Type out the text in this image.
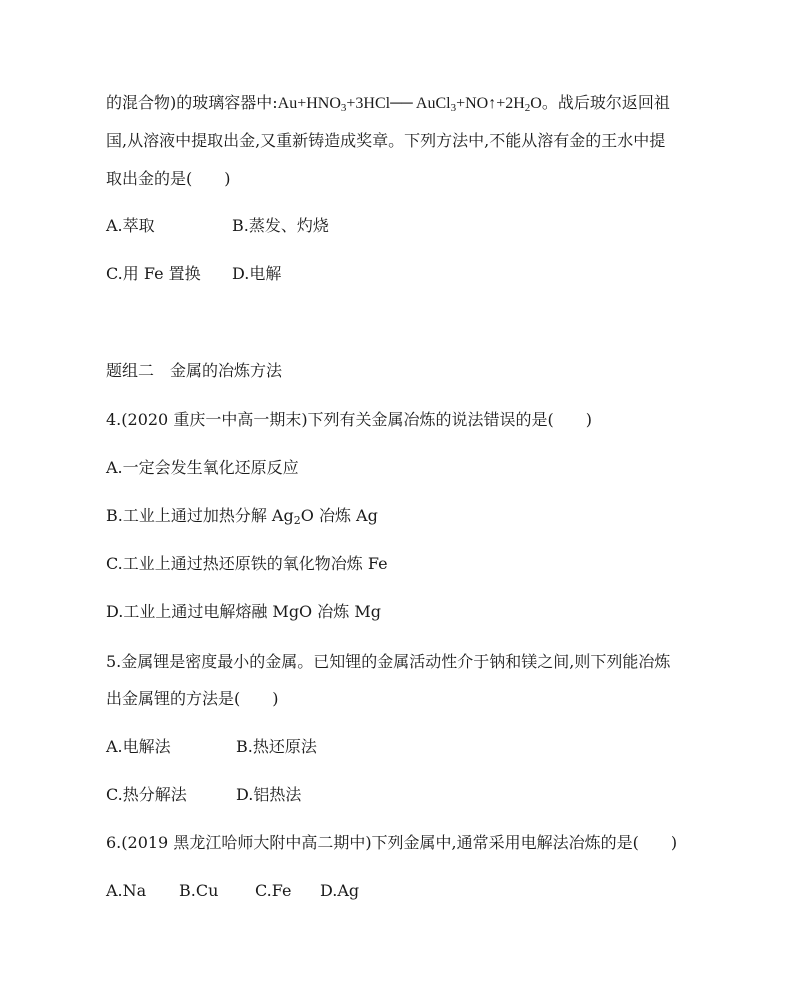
的混合物)的玻璃容器中$:Au+HNO_3+3HCl──$ $AuCl_3+NO↑+2H_2O$。战后玻尔返回祖
国,从溶液中提取出金,又重新铸造成奖章。下列方法中,不能从溶有金的王水中提
取出金的是(　　)
A.萃取	B.蒸发、灼烧
C.用 Fe 置换 D.电解
题组二　金属的冶炼方法
4.(2020 重庆一中高一期末)下列有关金属冶炼的说法错误的是(　　)
A.一定会发生氧化还原反应
B.工业上通过加热分解 $Ag_2O$ 冶炼 Ag
C.工业上通过热还原铁的氧化物冶炼 Fe
D.工业上通过电解熔融 MgO 冶炼 Mg
5.金属锂是密度最小的金属。已知锂的金属活动性介于钠和镁之间,则下列能冶炼
出金属锂的方法是(　　)
A.电解法	B.热还原法
C.热分解法	D.铝热法
6.(2019 黑龙江哈师大附中高二期中)下列金属中,通常采用电解法冶炼的是(　　)
A.Na B.Cu C.Fe D.Ag
